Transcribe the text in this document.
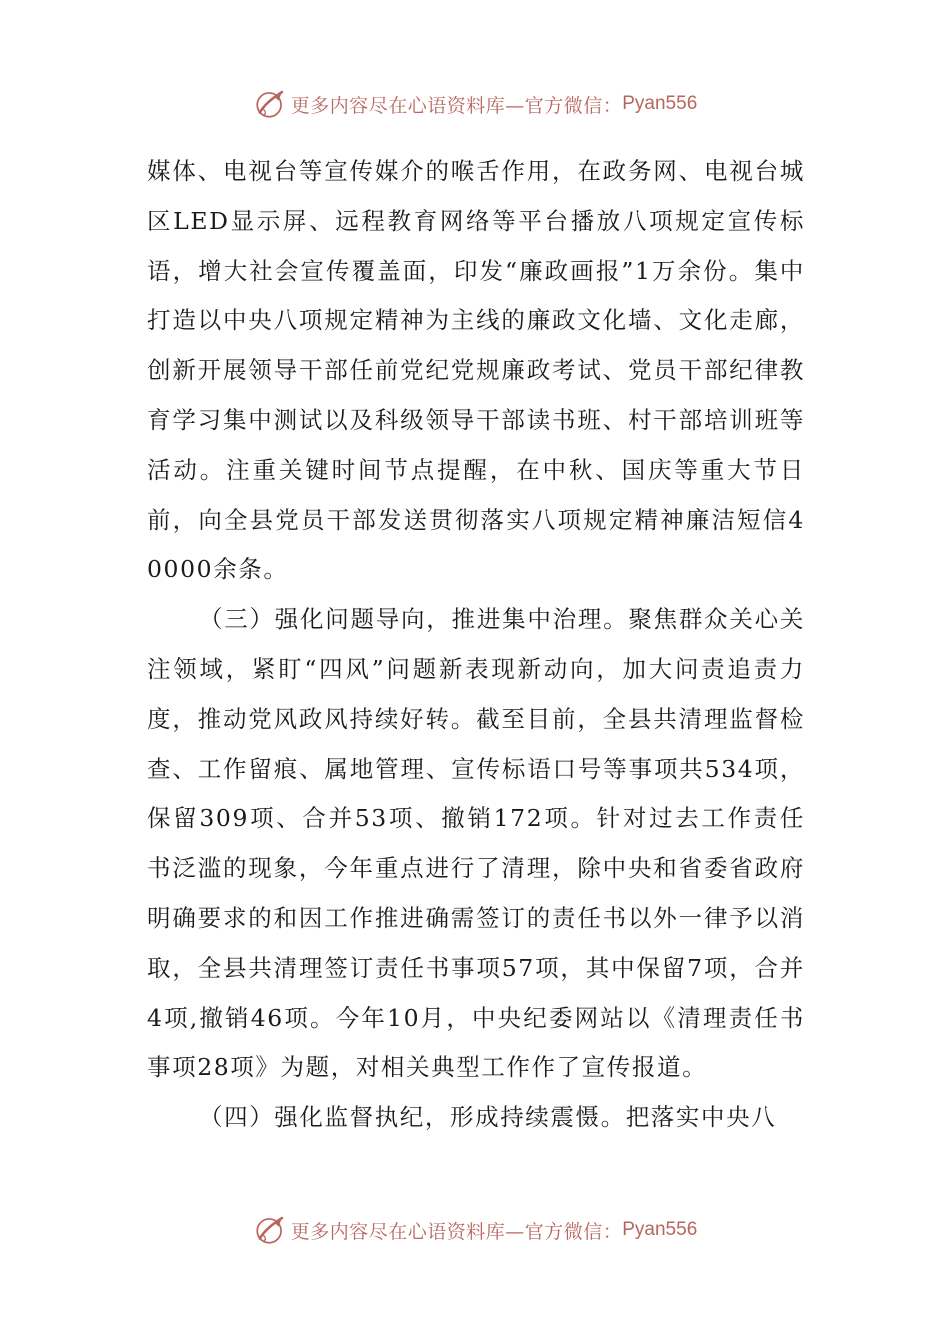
更多内容尽在心语资料库—官方微信： Pyan556

媒体、电视台等宣传媒介的喉舌作用，在政务网、电视台城区LED显示屏、远程教育网络等平台播放八项规定宣传标语，增大社会宣传覆盖面，印发“廉政画报”1万余份。集中打造以中央八项规定精神为主线的廉政文化墙、文化走廊，创新开展领导干部任前党纪党规廉政考试、党员干部纪律教育学习集中测试以及科级领导干部读书班、村干部培训班等活动。注重关键时间节点提醒，在中秋、国庆等重大节日前，向全县党员干部发送贯彻落实八项规定精神廉洁短信40000余条。

（三）强化问题导向，推进集中治理。聚焦群众关心关注领域，紧盯“四风”问题新表现新动向，加大问责追责力度，推动党风政风持续好转。截至目前，全县共清理监督检查、工作留痕、属地管理、宣传标语口号等事项共534项，保留309项、合并53项、撤销172项。针对过去工作责任书泛滥的现象，今年重点进行了清理，除中央和省委省政府明确要求的和因工作推进确需签订的责任书以外一律予以消取，全县共清理签订责任书事项57项，其中保留7项，合并4项,撤销46项。今年10月，中央纪委网站以《清理责任书事项28项》为题，对相关典型工作作了宣传报道。

（四）强化监督执纪，形成持续震慑。把落实中央八

更多内容尽在心语资料库—官方微信： Pyan556
